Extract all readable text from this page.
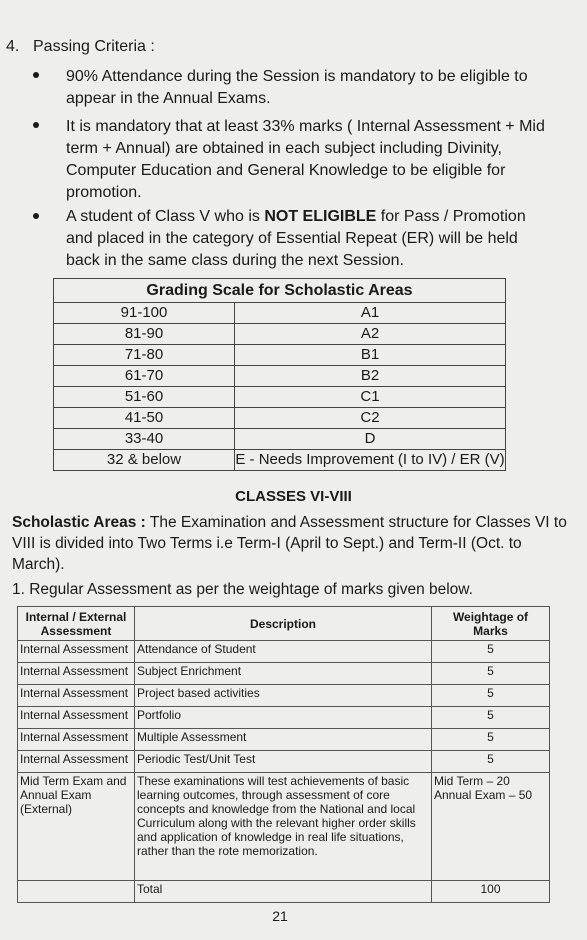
4. Passing Criteria :
90% Attendance during the Session is mandatory to be eligible to appear in the Annual Exams.
It is mandatory that at least 33% marks ( Internal Assessment + Mid term + Annual) are obtained in each subject including Divinity, Computer Education and General Knowledge to be eligible for promotion.
A student of Class V who is NOT ELIGIBLE for Pass / Promotion and placed in the category of Essential Repeat (ER) will be held back in the same class during the next Session.
Grading Scale for Scholastic Areas	
91-100	A1
81-90	A2
71-80	B1
61-70	B2
51-60	C1
41-50	C2
33-40	D
32 & below	E - Needs Improvement (I to IV) / ER (V)
CLASSES VI-VIII
Scholastic Areas : The Examination and Assessment structure for Classes VI to VIII is divided into Two Terms i.e Term-I (April to Sept.) and Term-II (Oct. to March).
1. Regular Assessment as per the weightage of marks given below.
Internal / External Assessment	Description	Weightage of Marks
Internal Assessment	Attendance of Student	5
Internal Assessment	Subject Enrichment	5
Internal Assessment	Project based activities	5
Internal Assessment	Portfolio	5
Internal Assessment	Multiple Assessment	5
Internal Assessment	Periodic Test/Unit Test	5
Mid Term Exam and Annual Exam (External)	These examinations will test achievements of basic learning outcomes, through assessment of core concepts and knowledge from the National and local Curriculum along with the relevant higher order skills and application of knowledge in real life situations, rather than the rote memorization.	Mid Term – 20
Annual Exam – 50

	Total	100
21
